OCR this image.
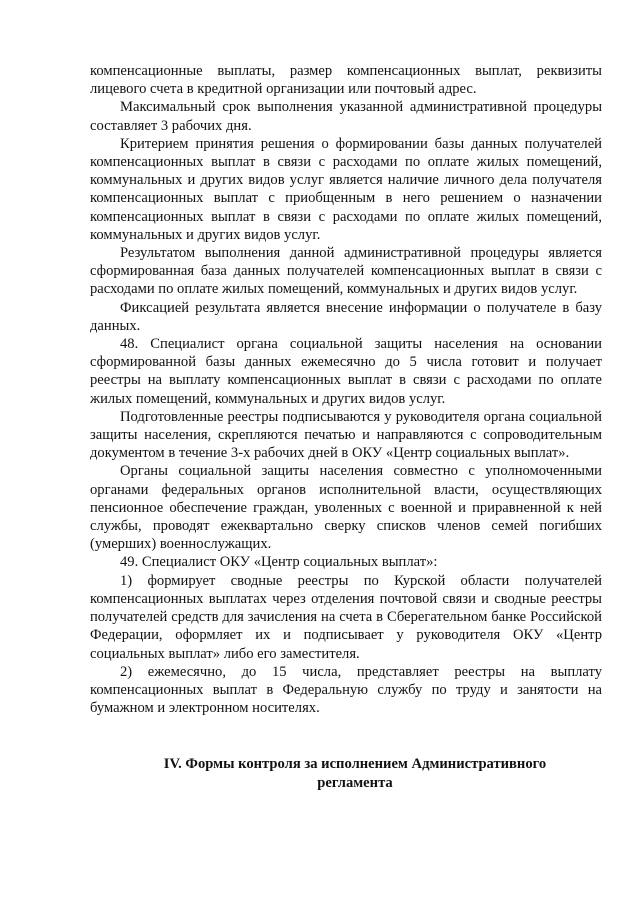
компенсационные выплаты, размер компенсационных выплат, реквизиты лицевого счета в кредитной организации или почтовый адрес.

Максимальный срок выполнения указанной административной процедуры составляет 3 рабочих дня.

Критерием принятия решения о формировании базы данных получателей компенсационных выплат в связи с расходами по оплате жилых помещений, коммунальных и других видов услуг является наличие личного дела получателя компенсационных выплат с приобщенным в него решением о назначении компенсационных выплат в связи с расходами по оплате жилых помещений, коммунальных и других видов услуг.

Результатом выполнения данной административной процедуры является сформированная база данных получателей компенсационных выплат в связи с расходами по оплате жилых помещений, коммунальных и других видов услуг.

Фиксацией результата является внесение информации о получателе в базу данных.

48. Специалист органа социальной защиты населения на основании сформированной базы данных ежемесячно до 5 числа готовит и получает реестры на выплату компенсационных выплат в связи с расходами по оплате жилых помещений, коммунальных и других видов услуг.

Подготовленные реестры подписываются у руководителя органа социальной защиты населения, скрепляются печатью и направляются с сопроводительным документом в течение 3-х рабочих дней в ОКУ «Центр социальных выплат».

Органы социальной защиты населения совместно с уполномоченными органами федеральных органов исполнительной власти, осуществляющих пенсионное обеспечение граждан, уволенных с военной и приравненной к ней службы, проводят ежеквартально сверку списков членов семей погибших (умерших) военнослужащих.

49. Специалист ОКУ «Центр социальных выплат»:

1) формирует сводные реестры по Курской области получателей компенсационных выплатах через отделения почтовой связи и сводные реестры получателей средств для зачисления на счета в Сберегательном банке Российской Федерации, оформляет их и подписывает у руководителя ОКУ «Центр социальных выплат» либо его заместителя.

2) ежемесячно, до 15 числа, представляет реестры на выплату компенсационных выплат в Федеральную службу по труду и занятости на бумажном и электронном носителях.

IV. Формы контроля за исполнением Административного
регламента
